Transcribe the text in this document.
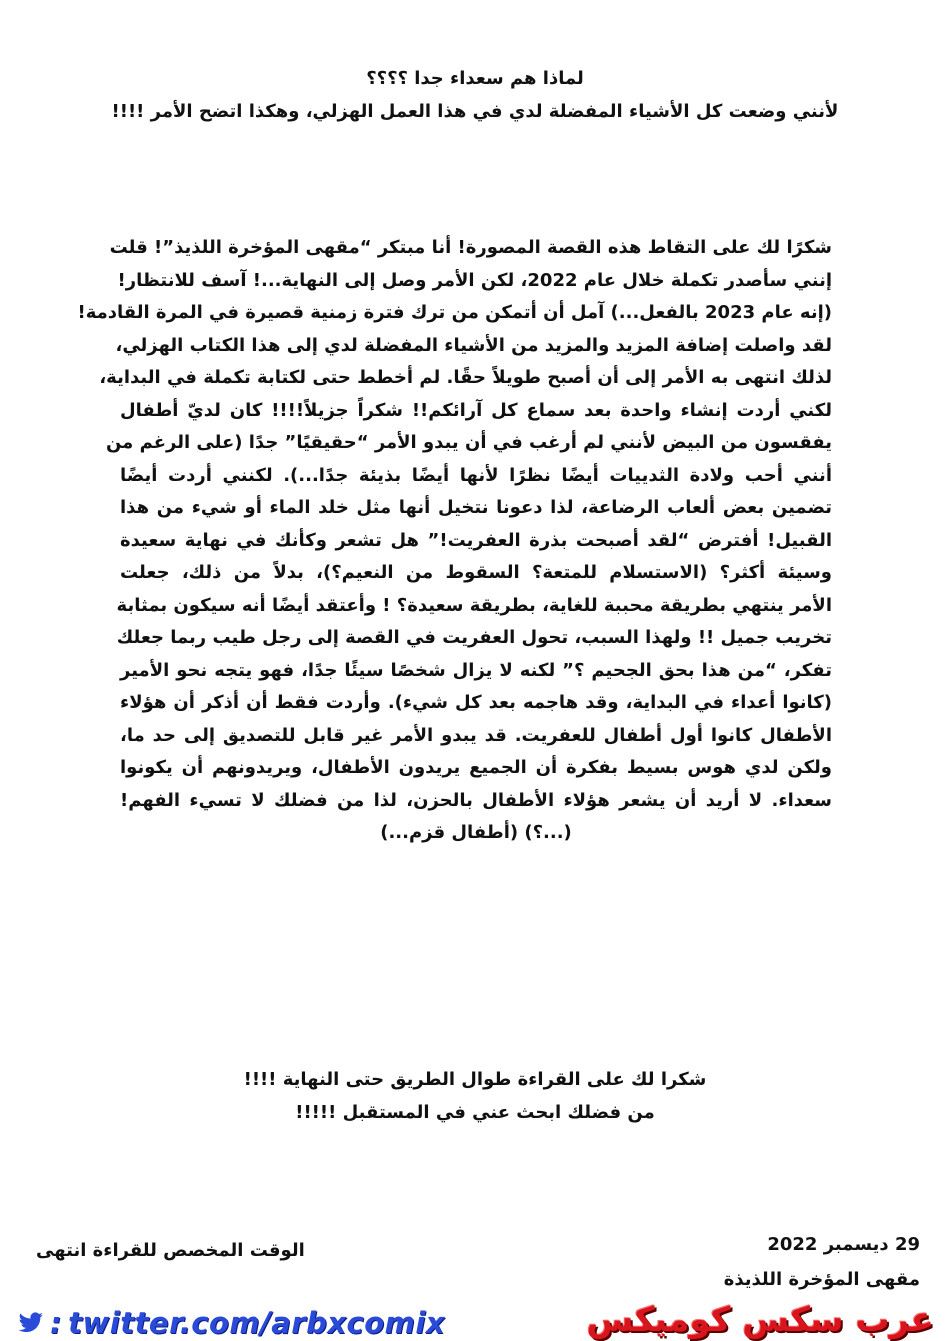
لماذا هم سعداء جدا ؟؟؟؟
لأنني وضعت كل الأشياء المفضلة لدي في هذا العمل الهزلي، وهكذا اتضح الأمر !!!!
شكرًا لك على التقاط هذه القصة المصورة! أنا مبتكر “مقهى المؤخرة اللذيذ”! قلت
إنني سأصدر تكملة خلال عام 2022، لكن الأمر وصل إلى النهاية...! آسف للانتظار!
(إنه عام 2023 بالفعل...) آمل أن أتمكن من ترك فترة زمنية قصيرة في المرة القادمة!
لقد واصلت إضافة المزيد والمزيد من الأشياء المفضلة لدي إلى هذا الكتاب الهزلي،
لذلك انتهى به الأمر إلى أن أصبح طويلاً حقًا. لم أخطط حتى لكتابة تكملة في البداية،
لكني أردت إنشاء واحدة بعد سماع كل آرائكم!! شكراً جزيلاً!!!! كان لديّ أطفال
يفقسون من البيض لأنني لم أرغب في أن يبدو الأمر “حقيقيًا” جدًا (على الرغم من
أنني أحب ولادة الثدييات أيضًا نظرًا لأنها أيضًا بذيئة جدًا...). لكنني أردت أيضًا
تضمين بعض ألعاب الرضاعة، لذا دعونا نتخيل أنها مثل خلد الماء أو شيء من هذا
القبيل! أفترض “لقد أصبحت بذرة العفريت!” هل تشعر وكأنك في نهاية سعيدة
وسيئة أكثر؟ (الاستسلام للمتعة؟ السقوط من النعيم؟)، بدلاً من ذلك، جعلت
الأمر ينتهي بطريقة محببة للغاية، بطريقة سعيدة؟ ! وأعتقد أيضًا أنه سيكون بمثابة
تخريب جميل !! ولهذا السبب، تحول العفريت في القصة إلى رجل طيب ربما جعلك
تفكر، “من هذا بحق الجحيم ؟” لكنه لا يزال شخصًا سيئًا جدًا، فهو يتجه نحو الأمير
(كانوا أعداء في البداية، وقد هاجمه بعد كل شيء). وأردت فقط أن أذكر أن هؤلاء
الأطفال كانوا أول أطفال للعفريت. قد يبدو الأمر غير قابل للتصديق إلى حد ما،
ولكن لدي هوس بسيط بفكرة أن الجميع يريدون الأطفال، ويريدونهم أن يكونوا
سعداء. لا أريد أن يشعر هؤلاء الأطفال بالحزن، لذا من فضلك لا تسيء الفهم!
(...؟) (أطفال قزم...)
شكرا لك على القراءة طوال الطريق حتى النهاية !!!!
من فضلك ابحث عني في المستقبل !!!!!
29 ديسمبر 2022
مقهى المؤخرة اللذيذة
الوقت المخصص للقراءة انتهى
: twitter.com/arbxcomix	عرب سكس كوميكس
